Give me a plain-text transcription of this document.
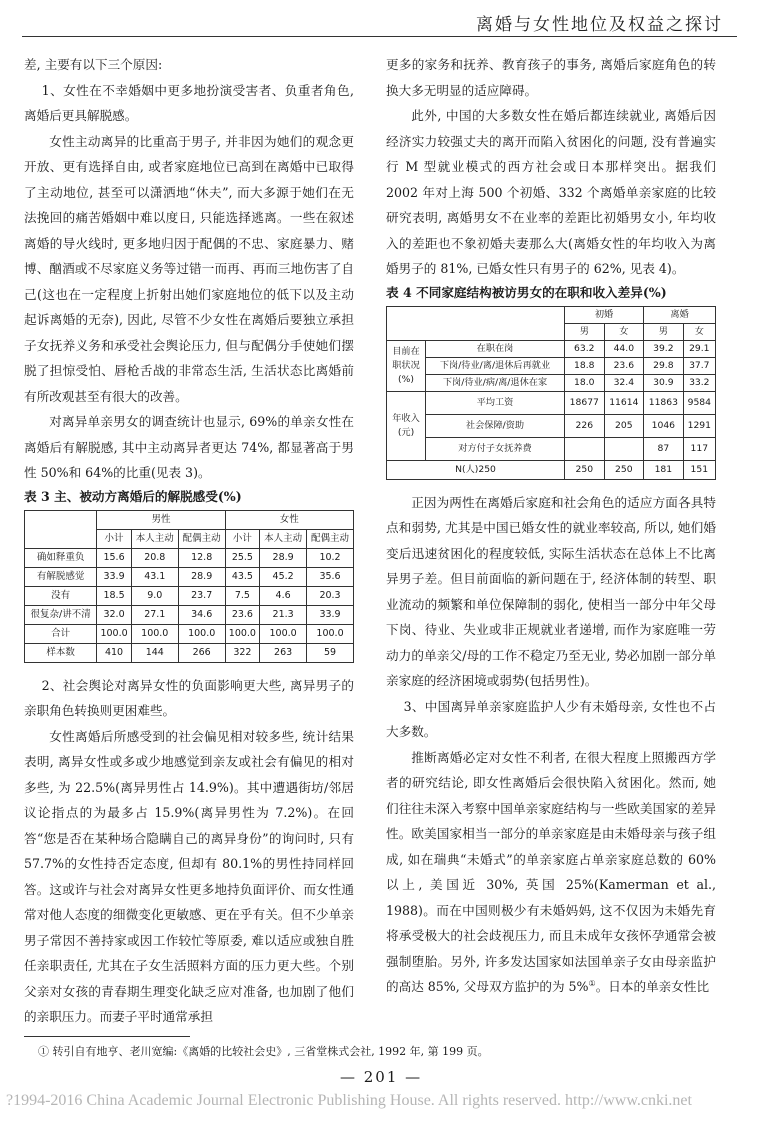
离婚与女性地位及权益之探讨

差, 主要有以下三个原因:

1、女性在不幸婚姻中更多地扮演受害者、负重者角色, 离婚后更具解脱感。

女性主动离异的比重高于男子, 并非因为她们的观念更开放、更有选择自由, 或者家庭地位已高到在离婚中已取得了主动地位, 甚至可以潇洒地“休夫”, 而大多源于她们在无法挽回的痛苦婚姻中难以度日, 只能选择逃离。一些在叙述离婚的导火线时, 更多地归因于配偶的不忠、家庭暴力、赌博、酗酒或不尽家庭义务等过错一而再、再而三地伤害了自己(这也在一定程度上折射出她们家庭地位的低下以及主动起诉离婚的无奈), 因此, 尽管不少女性在离婚后要独立承担子女抚养义务和承受社会舆论压力, 但与配偶分手使她们摆脱了担惊受怕、唇枪舌战的非常态生活, 生活状态比离婚前有所改观甚至有很大的改善。

对离异单亲男女的调查统计也显示, 69%的单亲女性在离婚后有解脱感, 其中主动离异者更达 74%, 都显著高于男性 50%和 64%的比重(见表 3)。

表 3 主、被动方离婚后的解脱感受(%)

	男性			女性		
	小计	本人主动	配偶主动	小计	本人主动	配偶主动
确如释重负	15.6	20.8	12.8	25.5	28.9	10.2
有解脱感觉	33.9	43.1	28.9	43.5	45.2	35.6
没有	18.5	9.0	23.7	7.5	4.6	20.3
很复杂/讲不清	32.0	27.1	34.6	23.6	21.3	33.9
合计	100.0	100.0	100.0	100.0	100.0	100.0
样本数	410	144	266	322	263	59

2、社会舆论对离异女性的负面影响更大些, 离异男子的亲职角色转换则更困难些。

女性离婚后所感受到的社会偏见相对较多些, 统计结果表明, 离异女性或多或少地感觉到亲友或社会有偏见的相对多些, 为 22.5%(离异男性占 14.9%)。其中遭遇街坊/邻居议论指点的为最多占 15.9%(离异男性为 7.2%)。在回答“您是否在某种场合隐瞒自己的离异身份”的询问时, 只有 57.7%的女性持否定态度, 但却有 80.1%的男性持同样回答。这或许与社会对离异女性更多地持负面评价、而女性通常对他人态度的细微变化更敏感、更在乎有关。但不少单亲男子常因不善持家或因工作较忙等原委, 难以适应或独自胜任亲职责任, 尤其在子女生活照料方面的压力更大些。个别父亲对女孩的青春期生理变化缺乏应对准备, 也加剧了他们的亲职压力。而妻子平时通常承担

更多的家务和抚养、教育孩子的事务, 离婚后家庭角色的转换大多无明显的适应障碍。

此外, 中国的大多数女性在婚后都连续就业, 离婚后因经济实力较强丈夫的离开而陷入贫困化的问题, 没有普遍实行 M 型就业模式的西方社会或日本那样突出。据我们 2002 年对上海 500 个初婚、332 个离婚单亲家庭的比较研究表明, 离婚男女不在业率的差距比初婚男女小, 年均收入的差距也不象初婚夫妻那么大(离婚女性的年均收入为离婚男子的 81%, 已婚女性只有男子的 62%, 见表 4)。

表 4 不同家庭结构被访男女的在职和收入差异(%)

		初婚		离婚	
		男	女	男	女
目前在职状况(%)	在职在岗	63.2	44.0	39.2	29.1
	下岗/待业/离/退休后再就业	18.8	23.6	29.8	37.7
	下岗/待业/病/离/退休在家	18.0	32.4	30.9	33.2
年收入(元)	平均工资	18677	11614	11863	9584
	社会保障/资助	226	205	1046	1291
	对方付子女抚养费			87	117
N(人)250		250	250	181	151

正因为两性在离婚后家庭和社会角色的适应方面各具特点和弱势, 尤其是中国已婚女性的就业率较高, 所以, 她们婚变后迅速贫困化的程度较低, 实际生活状态在总体上不比离异男子差。但目前面临的新问题在于, 经济体制的转型、职业流动的频繁和单位保障制的弱化, 使相当一部分中年父母下岗、待业、失业或非正规就业者递增, 而作为家庭唯一劳动力的单亲父/母的工作不稳定乃至无业, 势必加剧一部分单亲家庭的经济困境或弱势(包括男性)。

3、中国离异单亲家庭监护人少有未婚母亲, 女性也不占大多数。

推断离婚必定对女性不利者, 在很大程度上照搬西方学者的研究结论, 即女性离婚后会很快陷入贫困化。然而, 她们往往未深入考察中国单亲家庭结构与一些欧美国家的差异性。欧美国家相当一部分的单亲家庭是由未婚母亲与孩子组成, 如在瑞典“未婚式”的单亲家庭占单亲家庭总数的 60% 以上, 美国近 30%, 英国 25%(Kamerman et al., 1988)。而在中国则极少有未婚妈妈, 这不仅因为未婚先育将承受极大的社会歧视压力, 而且未成年女孩怀孕通常会被强制堕胎。另外, 许多发达国家如法国单亲子女由母亲监护的高达 85%, 父母双方监护的为 5%①。日本的单亲女性比

① 转引自有地亨、老川宽编:《离婚的比较社会史》, 三省堂株式会社, 1992 年, 第 199 页。
— 201 —
?1994-2016 China Academic Journal Electronic Publishing House. All rights reserved. http://www.cnki.net
